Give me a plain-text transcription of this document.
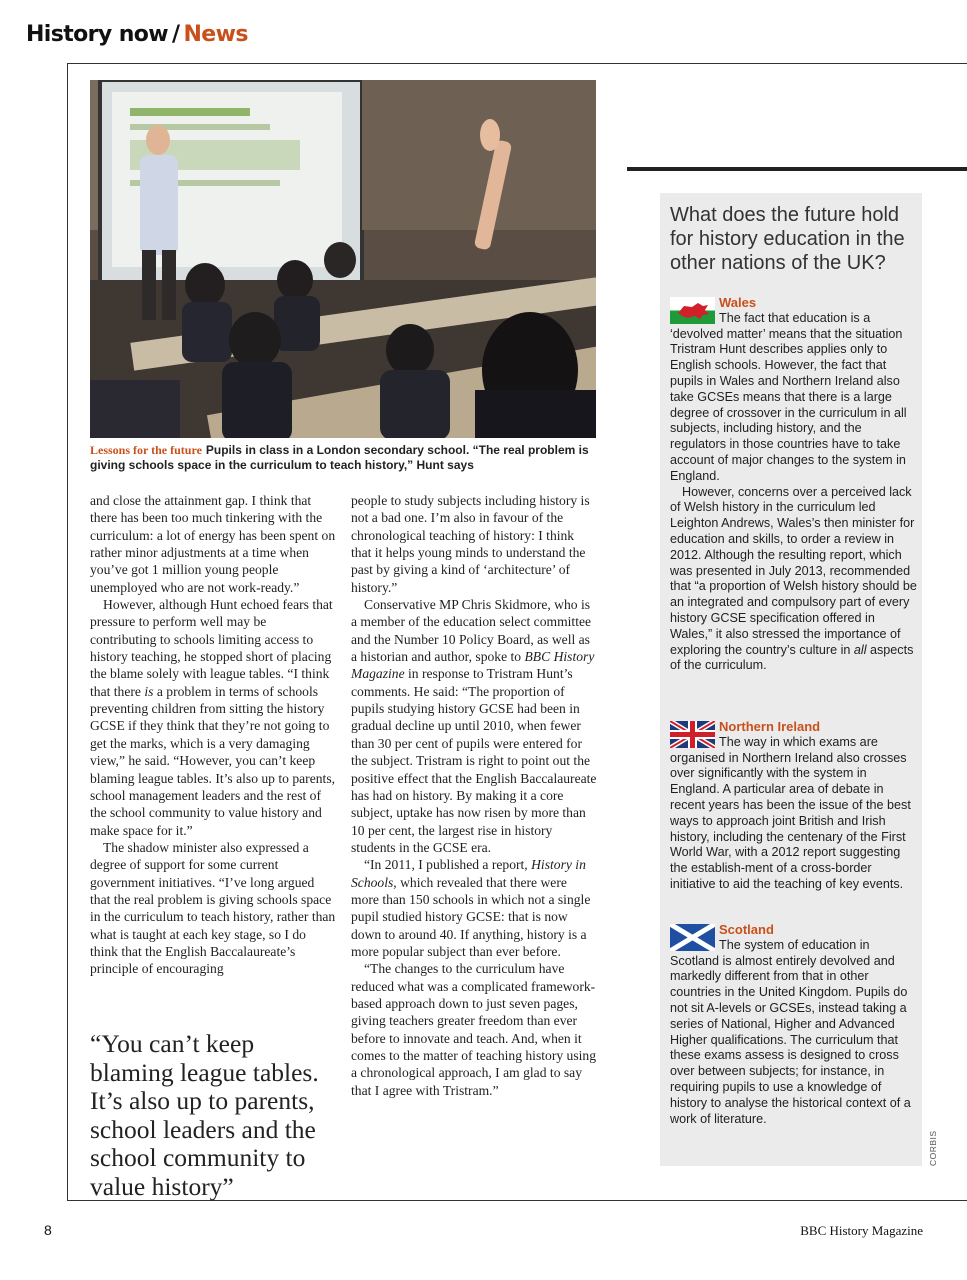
History now / News
Lessons for the future Pupils in class in a London secondary school. “The real problem is giving schools space in the curriculum to teach history,” Hunt says

and close the attainment gap. I think that there has been too much tinkering with the curriculum: a lot of energy has been spent on rather minor adjustments at a time when you’ve got 1 million young people unemployed who are not work-ready.”

However, although Hunt echoed fears that pressure to perform well may be contributing to schools limiting access to history teaching, he stopped short of placing the blame solely with league tables. “I think that there is a problem in terms of schools preventing children from sitting the history GCSE if they think that they’re not going to get the marks, which is a very damaging view,” he said. “However, you can’t keep blaming league tables. It’s also up to parents, school management leaders and the rest of the school community to value history and make space for it.”

The shadow minister also expressed a degree of support for some current government initiatives. “I’ve long argued that the real problem is giving schools space in the curriculum to teach history, rather than what is taught at each key stage, so I do think that the English Baccalaureate’s principle of encouraging

“You can’t keep blaming league tables. It’s also up to parents, school leaders and the school community to value history”

people to study subjects including history is not a bad one. I’m also in favour of the chronological teaching of history: I think that it helps young minds to understand the past by giving a kind of ‘architecture’ of history.”

Conservative MP Chris Skidmore, who is a member of the education select committee and the Number 10 Policy Board, as well as a historian and author, spoke to BBC History Magazine in response to Tristram Hunt’s comments. He said: “The proportion of pupils studying history GCSE had been in gradual decline up until 2010, when fewer than 30 per cent of pupils were entered for the subject. Tristram is right to point out the positive effect that the English Baccalaureate has had on history. By making it a core subject, uptake has now risen by more than 10 per cent, the largest rise in history students in the GCSE era.

“In 2011, I published a report, History in Schools, which revealed that there were more than 150 schools in which not a single pupil studied history GCSE: that is now down to around 40. If anything, history is a more popular subject than ever before.

“The changes to the curriculum have reduced what was a complicated framework-based approach down to just seven pages, giving teachers greater freedom than ever before to innovate and teach. And, when it comes to the matter of teaching history using a chronological approach, I am glad to say that I agree with Tristram.”

What does the future hold for history education in the other nations of the UK?
Wales

The fact that education is a ‘devolved matter’ means that the situation Tristram Hunt describes applies only to English schools. However, the fact that pupils in Wales and Northern Ireland also take GCSEs means that there is a large degree of crossover in the curriculum in all subjects, including history, and the regulators in those countries have to take account of major changes to the system in England.

However, concerns over a perceived lack of Welsh history in the curriculum led Leighton Andrews, Wales’s then minister for education and skills, to order a review in 2012. Although the resulting report, which was presented in July 2013, recommended that “a proportion of Welsh history should be an integrated and compulsory part of every history GCSE specification offered in Wales,” it also stressed the importance of exploring the country’s culture in all aspects of the curriculum.

Northern Ireland

The way in which exams are organised in Northern Ireland also crosses over significantly with the system in England. A particular area of debate in recent years has been the issue of the best ways to approach joint British and Irish history, including the centenary of the First World War, with a 2012 report suggesting the establish-ment of a cross-border initiative to aid the teaching of key events.

Scotland

The system of education in Scotland is almost entirely devolved and markedly different from that in other countries in the United Kingdom. Pupils do not sit A-levels or GCSEs, instead taking a series of National, Higher and Advanced Higher qualifications. The curriculum that these exams assess is designed to cross over between subjects; for instance, in requiring pupils to use a knowledge of history to analyse the historical context of a work of literature.

CORBIS
8	BBC History Magazine
